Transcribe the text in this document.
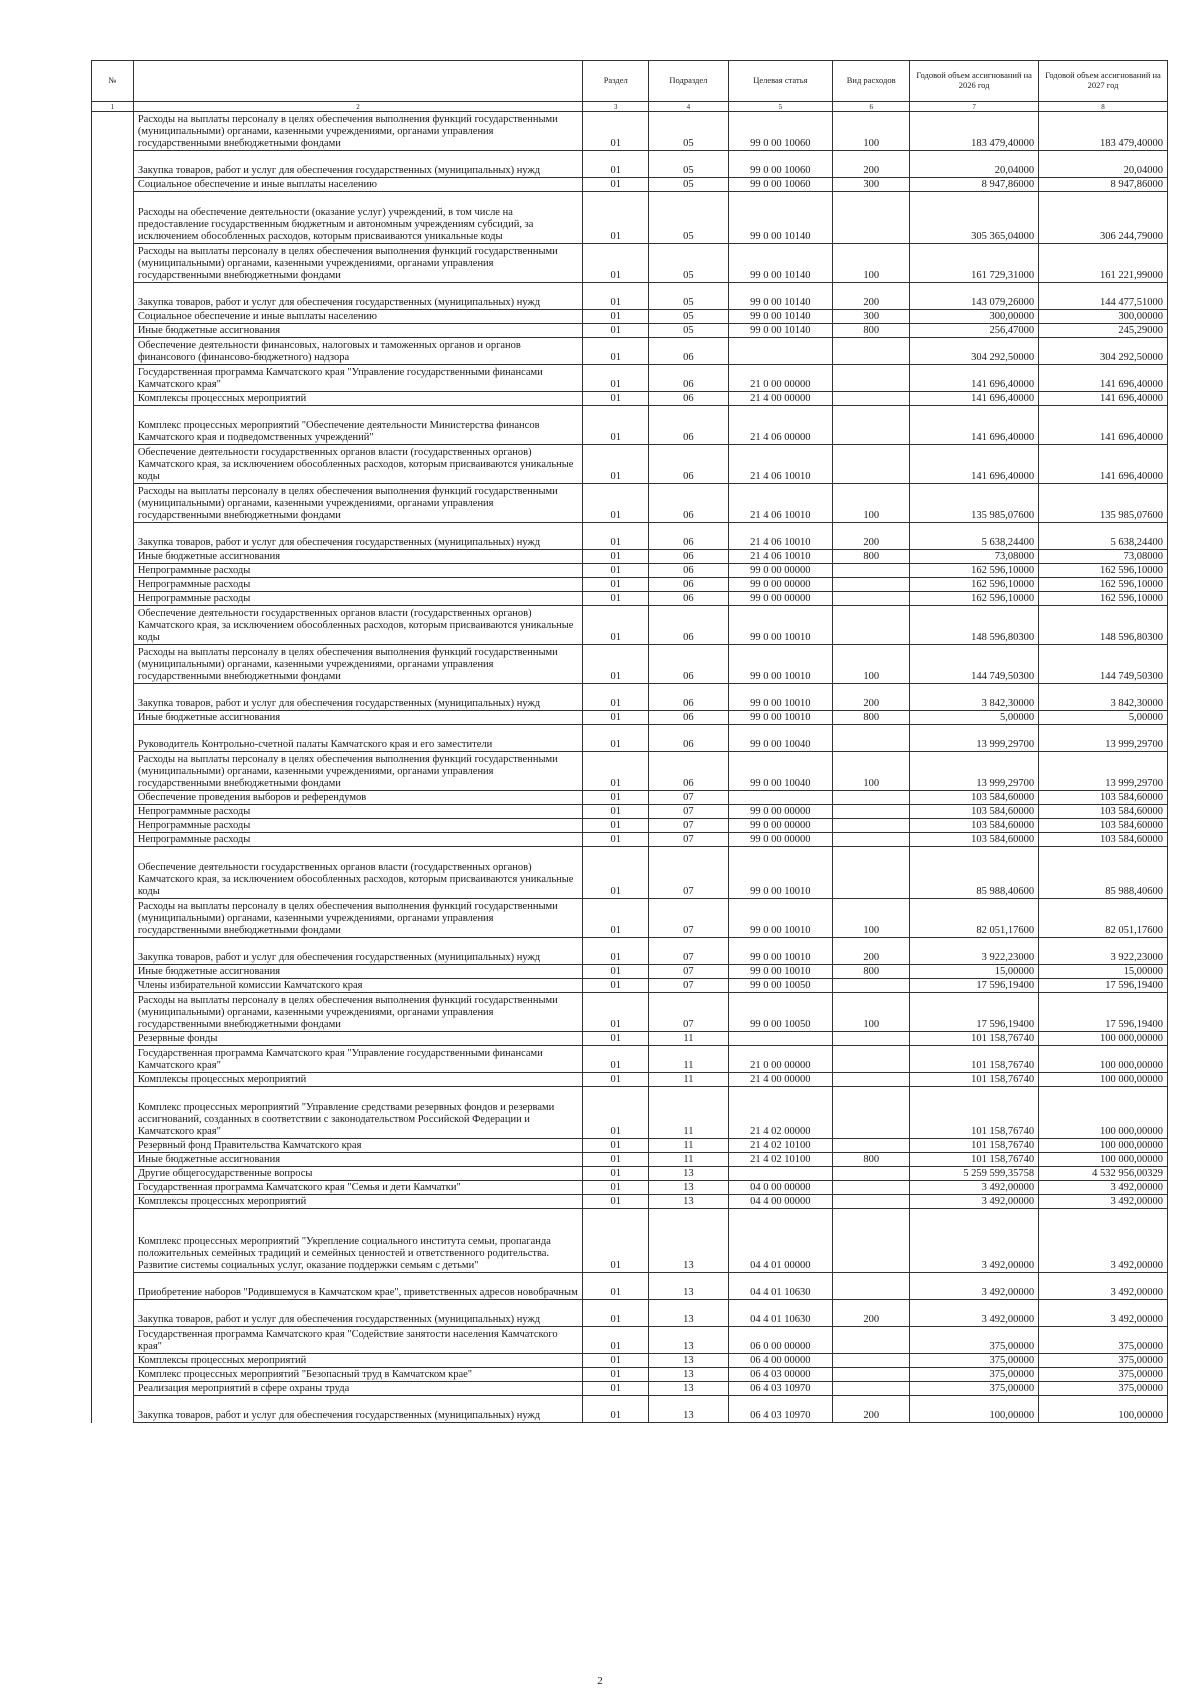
№		Раздел	Подраздел	Целевая статья	Вид расходов	Годовой объем ассигнований на 2026 год	Годовой объем ассигнований на 2027 год
1	2	3	4	5	6	7	8
	Расходы на выплаты персоналу в целях обеспечения выполнения функций государственными (муниципальными) органами, казенными учреждениями, органами управления государственными внебюджетными фондами	01	05	99 0 00 10060	100	183 479,40000	183 479,40000
	Закупка товаров, работ и услуг для обеспечения государственных (муниципальных) нужд	01	05	99 0 00 10060	200	20,04000	20,04000
	Социальное обеспечение и иные выплаты населению	01	05	99 0 00 10060	300	8 947,86000	8 947,86000
	Расходы на обеспечение деятельности (оказание услуг) учреждений, в том числе на предоставление государственным бюджетным и автономным учреждениям субсидий, за исключением обособленных расходов, которым присваиваются уникальные коды	01	05	99 0 00 10140		305 365,04000	306 244,79000
	Расходы на выплаты персоналу в целях обеспечения выполнения функций государственными (муниципальными) органами, казенными учреждениями, органами управления государственными внебюджетными фондами	01	05	99 0 00 10140	100	161 729,31000	161 221,99000
	Закупка товаров, работ и услуг для обеспечения государственных (муниципальных) нужд	01	05	99 0 00 10140	200	143 079,26000	144 477,51000
	Социальное обеспечение и иные выплаты населению	01	05	99 0 00 10140	300	300,00000	300,00000
	Иные бюджетные ассигнования	01	05	99 0 00 10140	800	256,47000	245,29000
	Обеспечение деятельности финансовых, налоговых и таможенных органов и органов финансового (финансово-бюджетного) надзора	01	06			304 292,50000	304 292,50000
	Государственная программа Камчатского края "Управление государственными финансами Камчатского края"	01	06	21 0 00 00000		141 696,40000	141 696,40000
	Комплексы процессных мероприятий	01	06	21 4 00 00000		141 696,40000	141 696,40000
	Комплекс процессных мероприятий "Обеспечение деятельности Министерства финансов Камчатского края и подведомственных учреждений"	01	06	21 4 06 00000		141 696,40000	141 696,40000
	Обеспечение деятельности государственных органов власти (государственных органов) Камчатского края, за исключением обособленных расходов, которым присваиваются уникальные коды	01	06	21 4 06 10010		141 696,40000	141 696,40000
	Расходы на выплаты персоналу в целях обеспечения выполнения функций государственными (муниципальными) органами, казенными учреждениями, органами управления государственными внебюджетными фондами	01	06	21 4 06 10010	100	135 985,07600	135 985,07600
	Закупка товаров, работ и услуг для обеспечения государственных (муниципальных) нужд	01	06	21 4 06 10010	200	5 638,24400	5 638,24400
	Иные бюджетные ассигнования	01	06	21 4 06 10010	800	73,08000	73,08000
	Непрограммные расходы	01	06	99 0 00 00000		162 596,10000	162 596,10000
	Непрограммные расходы	01	06	99 0 00 00000		162 596,10000	162 596,10000
	Непрограммные расходы	01	06	99 0 00 00000		162 596,10000	162 596,10000
	Обеспечение деятельности государственных органов власти (государственных органов) Камчатского края, за исключением обособленных расходов, которым присваиваются уникальные коды	01	06	99 0 00 10010		148 596,80300	148 596,80300
	Расходы на выплаты персоналу в целях обеспечения выполнения функций государственными (муниципальными) органами, казенными учреждениями, органами управления государственными внебюджетными фондами	01	06	99 0 00 10010	100	144 749,50300	144 749,50300
	Закупка товаров, работ и услуг для обеспечения государственных (муниципальных) нужд	01	06	99 0 00 10010	200	3 842,30000	3 842,30000
	Иные бюджетные ассигнования	01	06	99 0 00 10010	800	5,00000	5,00000
	Руководитель Контрольно-счетной палаты Камчатского края и его заместители	01	06	99 0 00 10040		13 999,29700	13 999,29700
	Расходы на выплаты персоналу в целях обеспечения выполнения функций государственными (муниципальными) органами, казенными учреждениями, органами управления государственными внебюджетными фондами	01	06	99 0 00 10040	100	13 999,29700	13 999,29700
	Обеспечение проведения выборов и референдумов	01	07			103 584,60000	103 584,60000
	Непрограммные расходы	01	07	99 0 00 00000		103 584,60000	103 584,60000
	Непрограммные расходы	01	07	99 0 00 00000		103 584,60000	103 584,60000
	Непрограммные расходы	01	07	99 0 00 00000		103 584,60000	103 584,60000
	Обеспечение деятельности государственных органов власти (государственных органов) Камчатского края, за исключением обособленных расходов, которым присваиваются уникальные коды	01	07	99 0 00 10010		85 988,40600	85 988,40600
	Расходы на выплаты персоналу в целях обеспечения выполнения функций государственными (муниципальными) органами, казенными учреждениями, органами управления государственными внебюджетными фондами	01	07	99 0 00 10010	100	82 051,17600	82 051,17600
	Закупка товаров, работ и услуг для обеспечения государственных (муниципальных) нужд	01	07	99 0 00 10010	200	3 922,23000	3 922,23000
	Иные бюджетные ассигнования	01	07	99 0 00 10010	800	15,00000	15,00000
	Члены избирательной комиссии Камчатского края	01	07	99 0 00 10050		17 596,19400	17 596,19400
	Расходы на выплаты персоналу в целях обеспечения выполнения функций государственными (муниципальными) органами, казенными учреждениями, органами управления государственными внебюджетными фондами	01	07	99 0 00 10050	100	17 596,19400	17 596,19400
	Резервные фонды	01	11			101 158,76740	100 000,00000
	Государственная программа Камчатского края "Управление государственными финансами Камчатского края"	01	11	21 0 00 00000		101 158,76740	100 000,00000
	Комплексы процессных мероприятий	01	11	21 4 00 00000		101 158,76740	100 000,00000
	Комплекс процессных мероприятий "Управление средствами резервных фондов и резервами ассигнований, созданных в соответствии с законодательством Российской Федерации и Камчатского края"	01	11	21 4 02 00000		101 158,76740	100 000,00000
	Резервный фонд Правительства Камчатского края	01	11	21 4 02 10100		101 158,76740	100 000,00000
	Иные бюджетные ассигнования	01	11	21 4 02 10100	800	101 158,76740	100 000,00000
	Другие общегосударственные вопросы	01	13			5 259 599,35758	4 532 956,00329
	Государственная программа Камчатского края "Семья и дети Камчатки"	01	13	04 0 00 00000		3 492,00000	3 492,00000
	Комплексы процессных мероприятий	01	13	04 4 00 00000		3 492,00000	3 492,00000
	Комплекс процессных мероприятий "Укрепление социального института семьи, пропаганда положительных семейных традиций и семейных ценностей и ответственного родительства. Развитие системы социальных услуг, оказание поддержки семьям с детьми"	01	13	04 4 01 00000		3 492,00000	3 492,00000
	Приобретение наборов "Родившемуся в Камчатском крае", приветственных адресов новобрачным	01	13	04 4 01 10630		3 492,00000	3 492,00000
	Закупка товаров, работ и услуг для обеспечения государственных (муниципальных) нужд	01	13	04 4 01 10630	200	3 492,00000	3 492,00000
	Государственная программа Камчатского края "Содействие занятости населения Камчатского края"	01	13	06 0 00 00000		375,00000	375,00000
	Комплексы процессных мероприятий	01	13	06 4 00 00000		375,00000	375,00000
	Комплекс процессных мероприятий "Безопасный труд в Камчатском крае"	01	13	06 4 03 00000		375,00000	375,00000
	Реализация мероприятий в сфере охраны труда	01	13	06 4 03 10970		375,00000	375,00000
	Закупка товаров, работ и услуг для обеспечения государственных (муниципальных) нужд	01	13	06 4 03 10970	200	100,00000	100,00000
2
